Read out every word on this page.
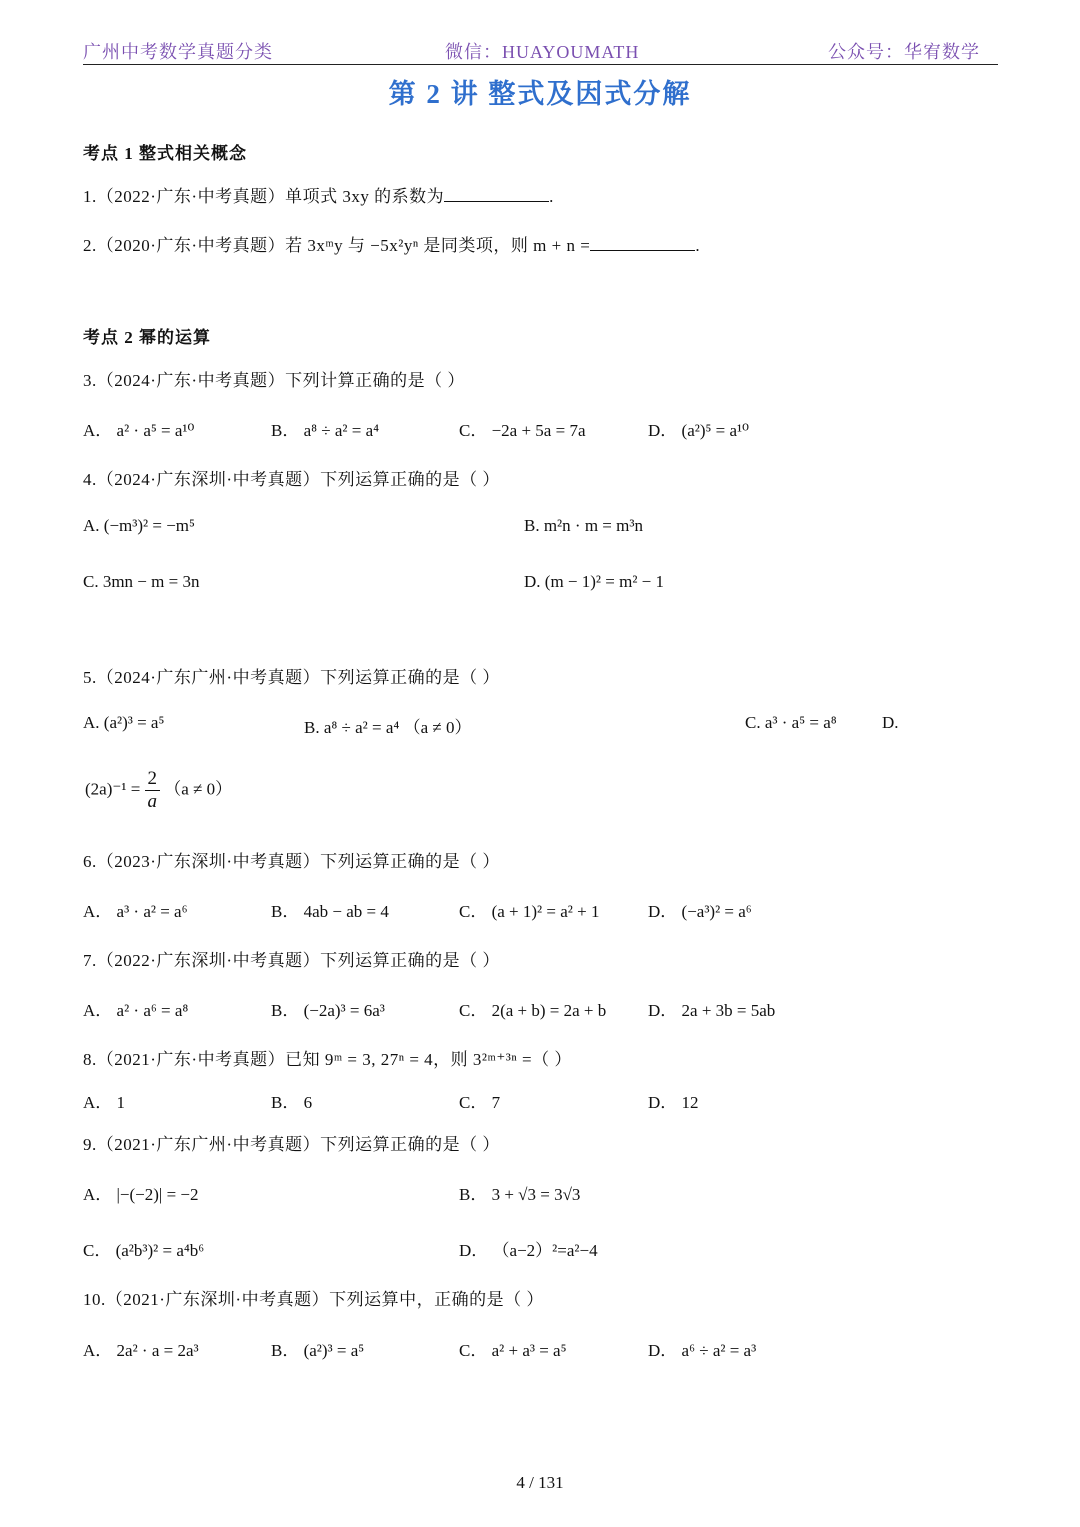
广州中考数学真题分类	微信：HUAYOUMATH	公众号：华宥数学
第 2 讲 整式及因式分解
考点 1 整式相关概念
1.（2022·广东·中考真题）单项式 3xy 的系数为	.
2.（2020·广东·中考真题）若 3xᵐy 与 −5x²yⁿ 是同类项，则 m + n =	.
考点 2 幂的运算
3.（2024·广东·中考真题）下列计算正确的是（ ）
A． a² · a⁵ = a¹⁰	B． a⁸ ÷ a² = a⁴	C． −2a + 5a = 7a	D． (a²)⁵ = a¹⁰
4.（2024·广东深圳·中考真题）下列运算正确的是（ ）
A. (−m³)² = −m⁵	B. m²n · m = m³n
C. 3mn − m = 3n	D. (m − 1)² = m² − 1
5.（2024·广东广州·中考真题）下列运算正确的是（ ）
A. (a²)³ = a⁵	B. a⁸ ÷ a² = a⁴ （a ≠ 0）	C. a³ · a⁵ = a⁸	D.
$(2a)^{-1} = \frac{2}{a} (a \ne 0)$
6.（2023·广东深圳·中考真题）下列运算正确的是（ ）
A． a³ · a² = a⁶	B． 4ab − ab = 4	C． (a + 1)² = a² + 1	D． (−a³)² = a⁶
7.（2022·广东深圳·中考真题）下列运算正确的是（ ）
A． a² · a⁶ = a⁸	B． (−2a)³ = 6a³	C． 2(a + b) = 2a + b D． 2a + 3b = 5ab
8.（2021·广东·中考真题）已知 9ᵐ = 3, 27ⁿ = 4，则 3²ᵐ⁺³ⁿ =（ ）
A． 1	B． 6	C． 7	D． 12
9.（2021·广东广州·中考真题）下列运算正确的是（ ）
A． |−(−2)| = −2	B． 3 + √3 = 3√3
C． (a²b³)² = a⁴b⁶	D． （a−2）²=a²−4
10.（2021·广东深圳·中考真题）下列运算中，正确的是（ ）
A． 2a² · a = 2a³	B． (a²)³ = a⁵	C． a² + a³ = a⁵	D． a⁶ ÷ a² = a³
4 / 131
